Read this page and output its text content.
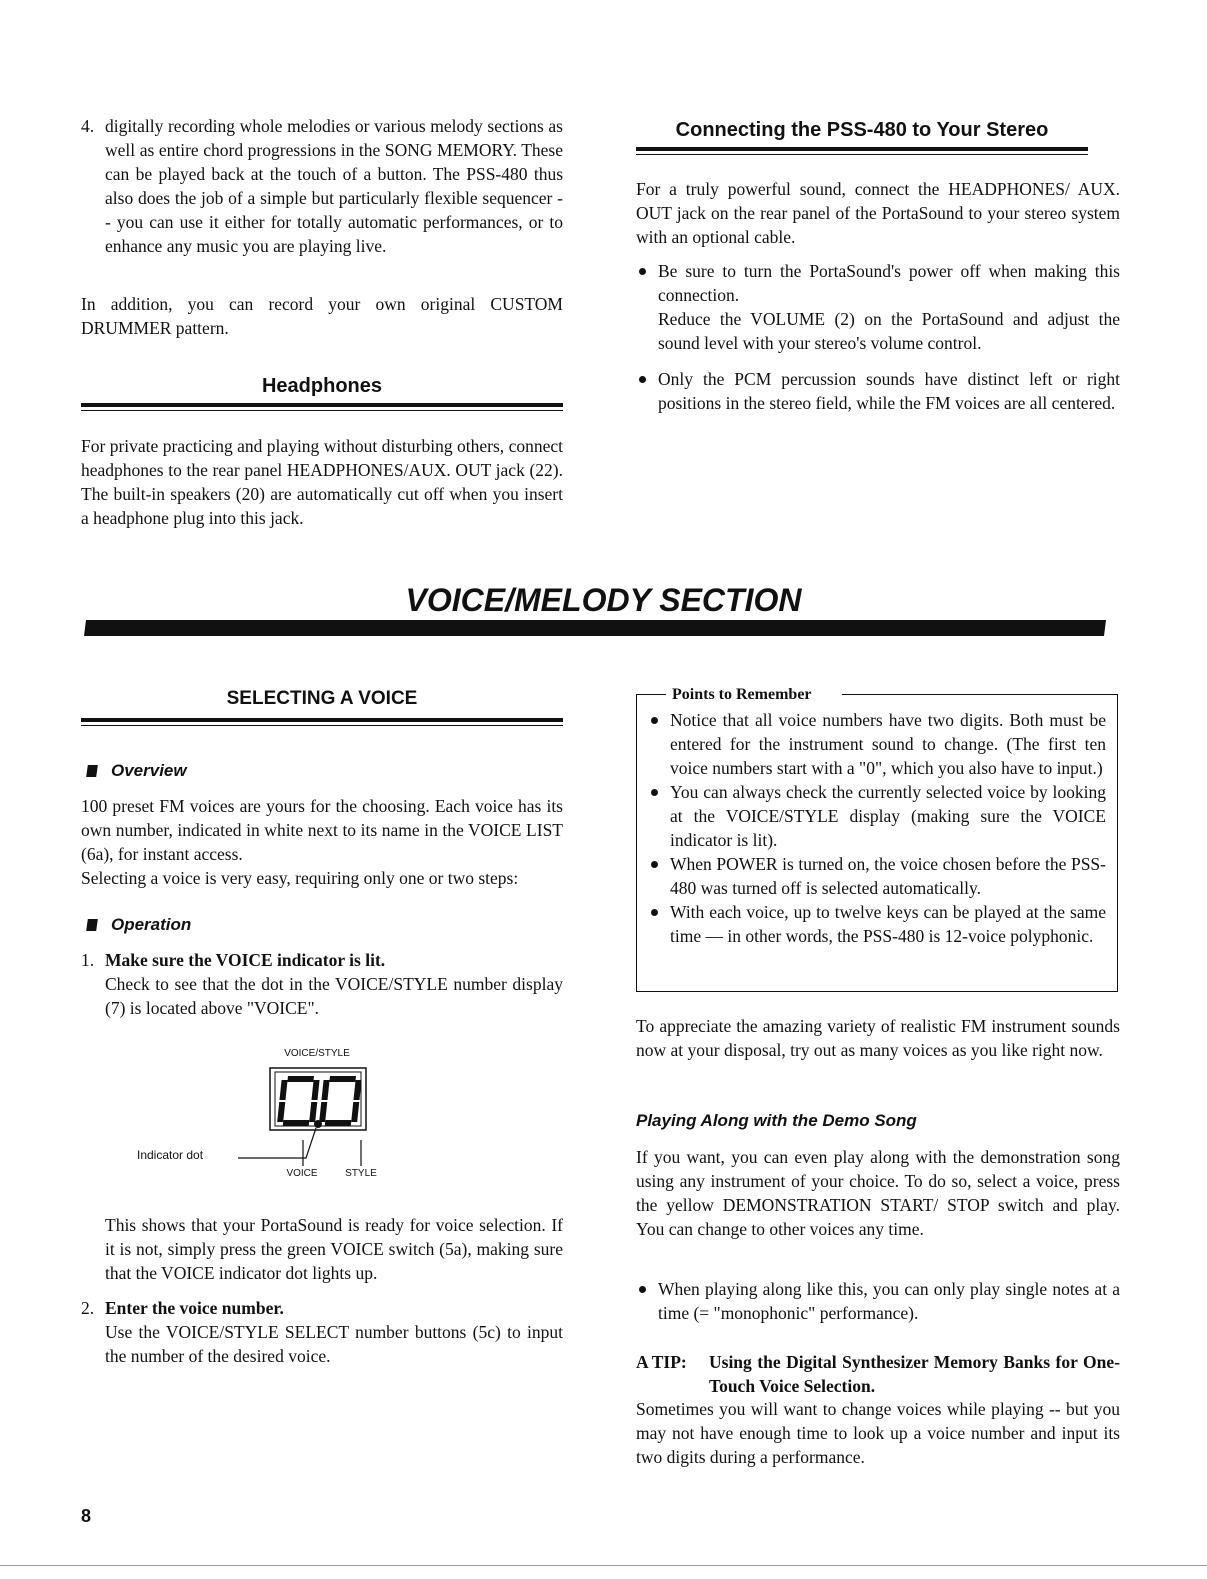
4. digitally recording whole melodies or various melody sections as well as entire chord progressions in the SONG MEMORY. These can be played back at the touch of a button. The PSS-480 thus also does the job of a simple but particularly flexible sequencer -- you can use it either for totally automatic performances, or to enhance any music you are playing live.

In addition, you can record your own original CUSTOM DRUMMER pattern.

Headphones

For private practicing and playing without disturbing others, connect headphones to the rear panel HEADPHONES/AUX. OUT jack (22). The built-in speakers (20) are automatically cut off when you insert a headphone plug into this jack.

Connecting the PSS-480 to Your Stereo

For a truly powerful sound, connect the HEADPHONES/ AUX. OUT jack on the rear panel of the PortaSound to your stereo system with an optional cable.

Be sure to turn the PortaSound's power off when making this connection.

Reduce the VOLUME (2) on the PortaSound and adjust the sound level with your stereo's volume control.

Only the PCM percussion sounds have distinct left or right positions in the stereo field, while the FM voices are all centered.

VOICE/MELODY SECTION
SELECTING A VOICE
Overview

100 preset FM voices are yours for the choosing. Each voice has its own number, indicated in white next to its name in the VOICE LIST (6a), for instant access.

Selecting a voice is very easy, requiring only one or two steps:

Operation
1. Make sure the VOICE indicator is lit.

Check to see that the dot in the VOICE/STYLE number display (7) is located above "VOICE".

VOICE/STYLE
Indicator dot
VOICE	STYLE

This shows that your PortaSound is ready for voice selection. If it is not, simply press the green VOICE switch (5a), making sure that the VOICE indicator dot lights up.

2. Enter the voice number.

Use the VOICE/STYLE SELECT number buttons (5c) to input the number of the desired voice.

Points to Remember

Notice that all voice numbers have two digits. Both must be entered for the instrument sound to change. (The first ten voice numbers start with a "0", which you also have to input.)

You can always check the currently selected voice by looking at the VOICE/STYLE display (making sure the VOICE indicator is lit).

When POWER is turned on, the voice chosen before the PSS-480 was turned off is selected automatically.

With each voice, up to twelve keys can be played at the same time — in other words, the PSS-480 is 12-voice polyphonic.

To appreciate the amazing variety of realistic FM instrument sounds now at your disposal, try out as many voices as you like right now.

Playing Along with the Demo Song

If you want, you can even play along with the demonstration song using any instrument of your choice. To do so, select a voice, press the yellow DEMONSTRATION START/ STOP switch and play. You can change to other voices any time.

When playing along like this, you can only play single notes at a time (= "monophonic" performance).

A TIP: Using the Digital Synthesizer Memory Banks for One-Touch Voice Selection.

Sometimes you will want to change voices while playing -- but you may not have enough time to look up a voice number and input its two digits during a performance.

8
